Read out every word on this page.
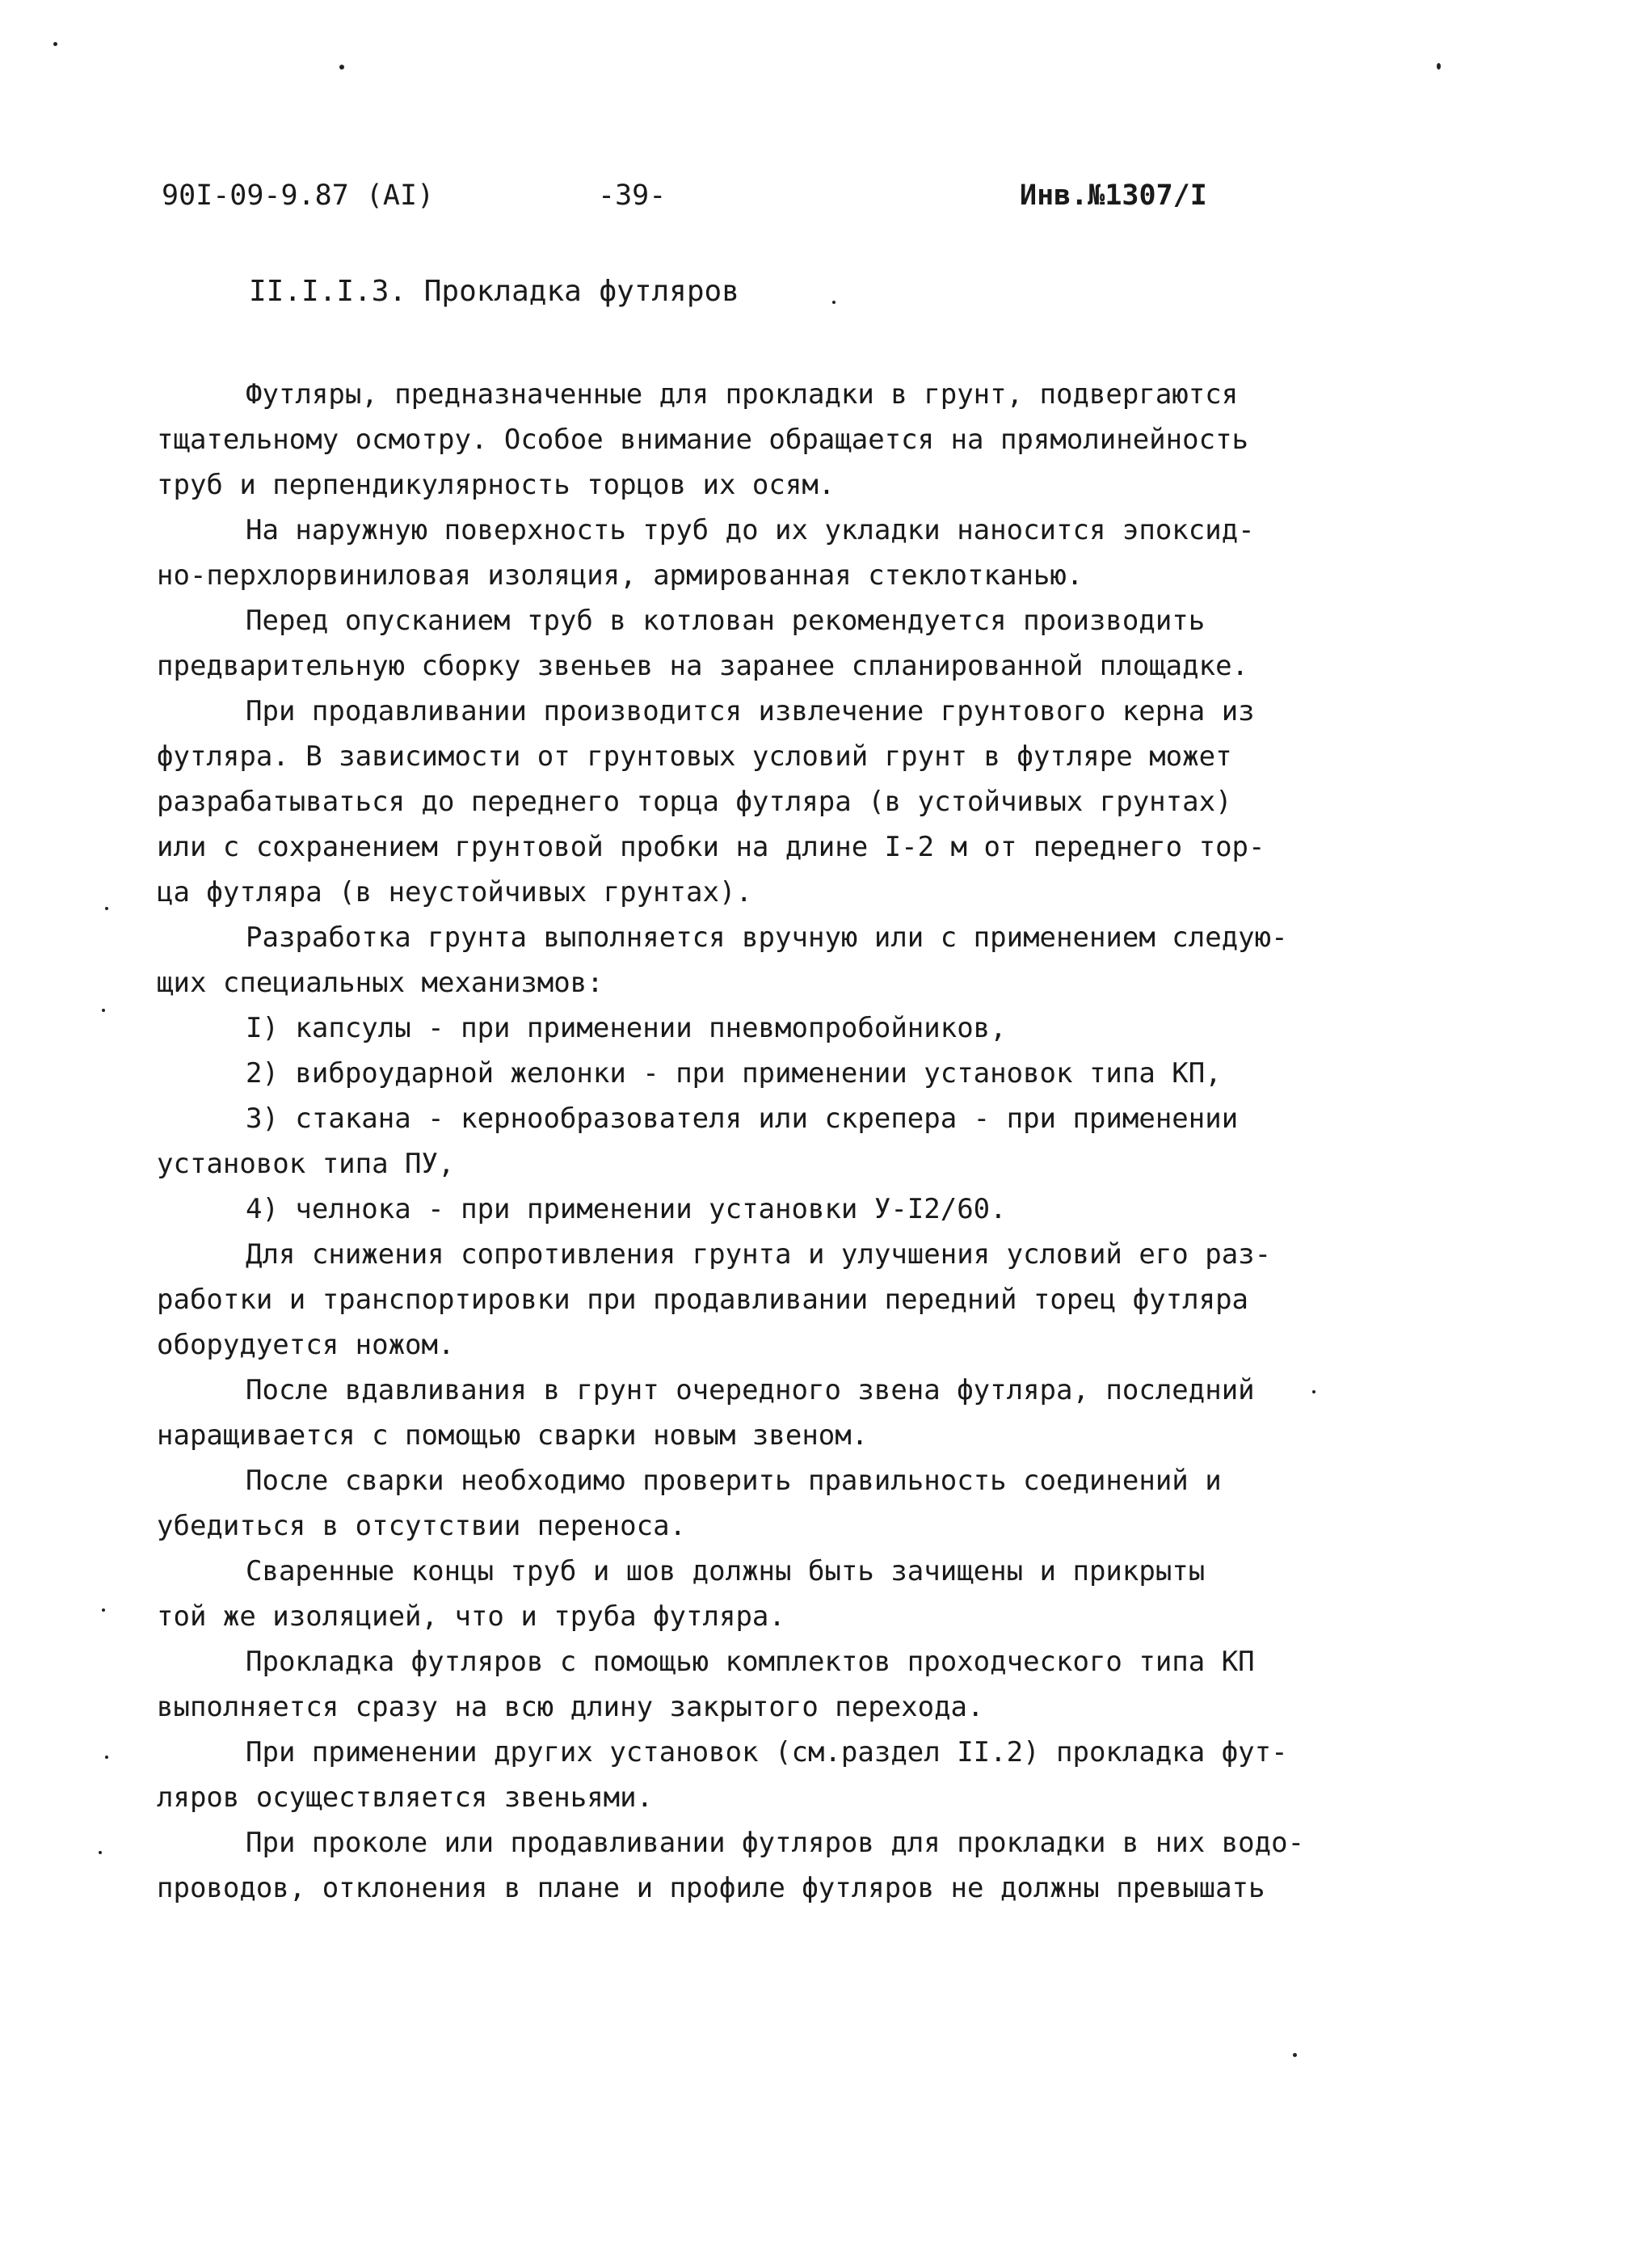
90I-09-9.87 (AI)	-39-	Инв.№1307/I
II.I.I.3. Прокладка футляров
Футляры, предназначенные для прокладки в грунт, подвергаются
тщательному осмотру. Особое внимание обращается на прямолинейность
труб и перпендикулярность торцов их осям.
На наружную поверхность труб до их укладки наносится эпоксид-
но-перхлорвиниловая изоляция, армированная стеклотканью.
Перед опусканием труб в котлован рекомендуется производить
предварительную сборку звеньев на заранее спланированной площадке.
При продавливании производится извлечение грунтового керна из
футляра. В зависимости от грунтовых условий грунт в футляре может
разрабатываться до переднего торца футляра (в устойчивых грунтах)
или с сохранением грунтовой пробки на длине I-2 м от переднего тор-
ца футляра (в неустойчивых грунтах).
Разработка грунта выполняется вручную или с применением следую-
щих специальных механизмов:
I) капсулы - при применении пневмопробойников,
2) виброударной желонки - при применении установок типа КП,
3) стакана - кернообразователя или скрепера - при применении
установок типа ПУ,
4) челнока - при применении установки У-I2/60.
Для снижения сопротивления грунта и улучшения условий его раз-
работки и транспортировки при продавливании передний торец футляра
оборудуется ножом.
После вдавливания в грунт очередного звена футляра, последний
наращивается с помощью сварки новым звеном.
После сварки необходимо проверить правильность соединений и
убедиться в отсутствии переноса.
Сваренные концы труб и шов должны быть зачищены и прикрыты
той же изоляцией, что и труба футляра.
Прокладка футляров с помощью комплектов проходческого типа КП
выполняется сразу на всю длину закрытого перехода.
При применении других установок (см.раздел II.2) прокладка фут-
ляров осуществляется звеньями.
При проколе или продавливании футляров для прокладки в них водо-
проводов, отклонения в плане и профиле футляров не должны превышать
